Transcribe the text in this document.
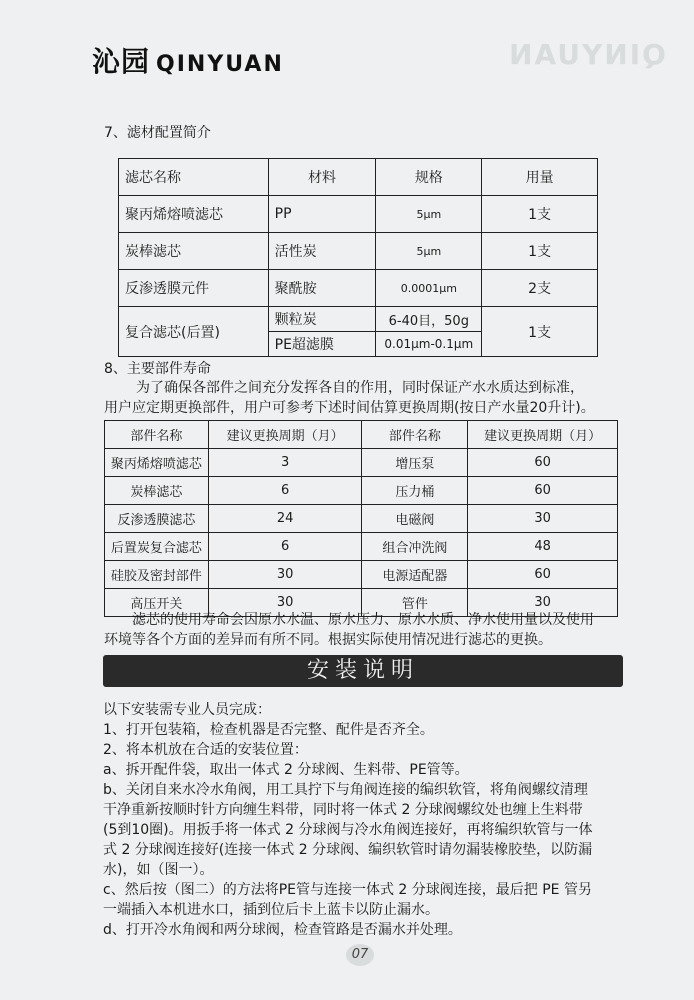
QINYUAN
沁园 QINYUAN
7、滤材配置简介
滤芯名称	材料	规格	用量
聚丙烯熔喷滤芯	PP	5μm	1支
炭棒滤芯	活性炭	5μm	1支
反渗透膜元件	聚酰胺	0.0001μm	2支
复合滤芯(后置)	颗粒炭	6-40目，50g	1支
	PE超滤膜	0.01μm-0.1μm	
8、主要部件寿命
为了确保各部件之间充分发挥各自的作用，同时保证产水水质达到标准，
用户应定期更换部件，用户可参考下述时间估算更换周期(按日产水量20升计)。
部件名称	建议更换周期（月）	部件名称	建议更换周期（月）
聚丙烯熔喷滤芯	3	增压泵	60
炭棒滤芯	6	压力桶	60
反渗透膜滤芯	24	电磁阀	30
后置炭复合滤芯	6	组合冲洗阀	48
硅胶及密封部件	30	电源适配器	60
高压开关	30	管件	30
滤芯的使用寿命会因原水水温、原水压力、原水水质、净水使用量以及使用
环境等各个方面的差异而有所不同。根据实际使用情况进行滤芯的更换。
安装说明
以下安装需专业人员完成：
1、打开包装箱，检查机器是否完整、配件是否齐全。
2、将本机放在合适的安装位置：
a、拆开配件袋，取出一体式 2 分球阀、生料带、PE管等。
b、关闭自来水冷水角阀，用工具拧下与角阀连接的编织软管，将角阀螺纹清理
干净重新按顺时针方向缠生料带，同时将一体式 2 分球阀螺纹处也缠上生料带
(5到10圈)。用扳手将一体式 2 分球阀与冷水角阀连接好，再将编织软管与一体
式 2 分球阀连接好(连接一体式 2 分球阀、编织软管时请勿漏装橡胶垫，以防漏
水)，如（图一）。
c、然后按（图二）的方法将PE管与连接一体式 2 分球阀连接，最后把 PE 管另
一端插入本机进水口，插到位后卡上蓝卡以防止漏水。
d、打开冷水角阀和两分球阀，检查管路是否漏水并处理。
07
